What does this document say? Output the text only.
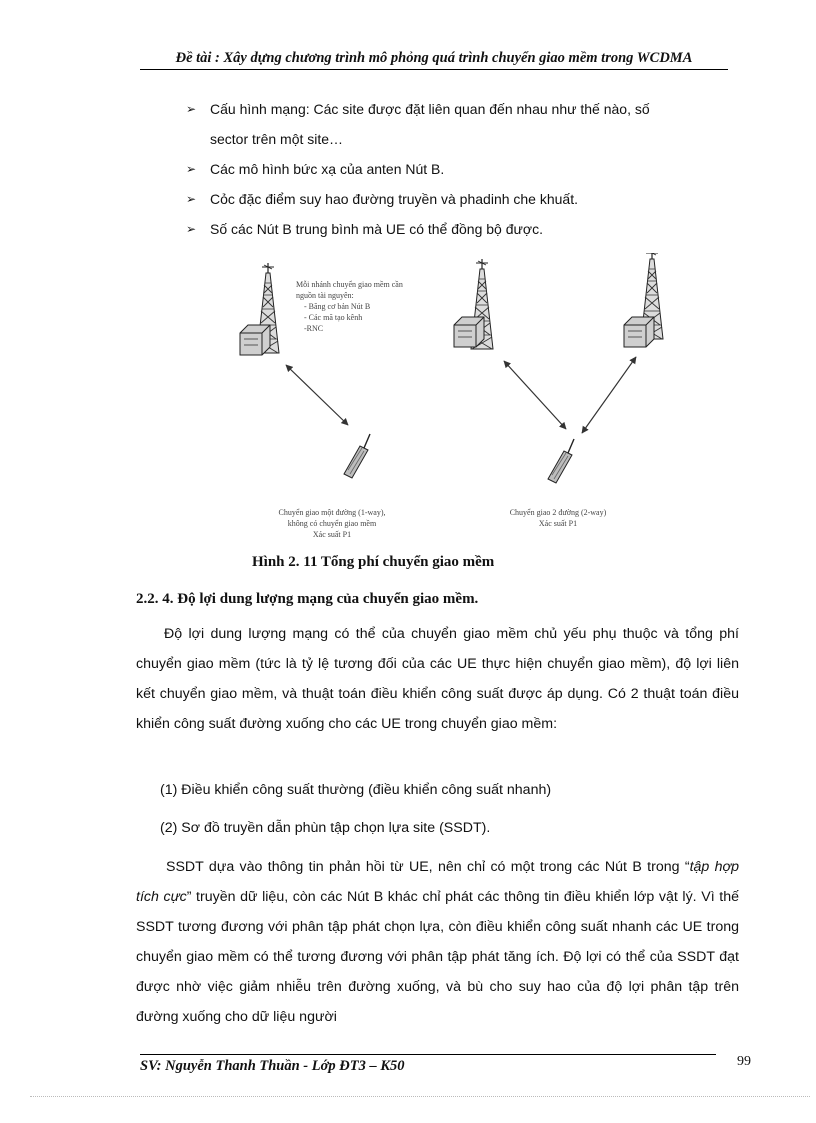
Đề tài : Xây dựng chương trình mô phỏng quá trình chuyển giao mềm trong WCDMA
➢ Cấu hình mạng: Các site được đặt liên quan đến nhau như thế nào, số
sector trên một site…
➢ Các mô hình bức xạ của anten Nút B.
➢ Cỏc đặc điểm suy hao đường truyền và phadinh che khuất.
➢ Số các Nút B trung bình mà UE có thể đồng bộ được.
Mỗi nhánh chuyển giao mềm cần
nguồn tài nguyên:
- Băng cơ bản Nút B
- Các mã tạo kênh
-RNC
Chuyển giao một đường (1-way),
không có chuyển giao mềm
Xác suất P1
Chuyển giao 2 đường (2-way)
Xác suất P1
Hình 2. 11 Tổng phí chuyển giao mềm
2.2. 4. Độ lợi dung lượng mạng của chuyển giao mềm.

Độ lợi dung lượng mạng có thể của chuyển giao mềm chủ yếu phụ thuộc và tổng phí chuyển giao mềm (tức là tỷ lệ tương đối của các UE thực hiện chuyển giao mềm), độ lợi liên kết chuyển giao mềm, và thuật toán điều khiển công suất được áp dụng. Có 2 thuật toán điều khiển công suất đường xuống cho các UE trong chuyển giao mềm:

(1) Điều khiển công suất thường (điều khiển công suất nhanh)
(2) Sơ đồ truyền dẫn phùn tập chọn lựa site (SSDT).

SSDT dựa vào thông tin phản hồi từ UE, nên chỉ có một trong các Nút B trong “tập hợp tích cực” truyền dữ liệu, còn các Nút B khác chỉ phát các thông tin điều khiển lớp vật lý. Vì thế SSDT tương đương với phân tập phát chọn lựa, còn điều khiển công suất nhanh các UE trong chuyển giao mềm có thể tương đương với phân tập phát tăng ích. Độ lợi có thể của SSDT đạt được nhờ việc giảm nhiễu trên đường xuống, và bù cho suy hao của độ lợi phân tập trên đường xuống cho dữ liệu người

SV: Nguyễn Thanh Thuần - Lớp ĐT3 – K50	99
